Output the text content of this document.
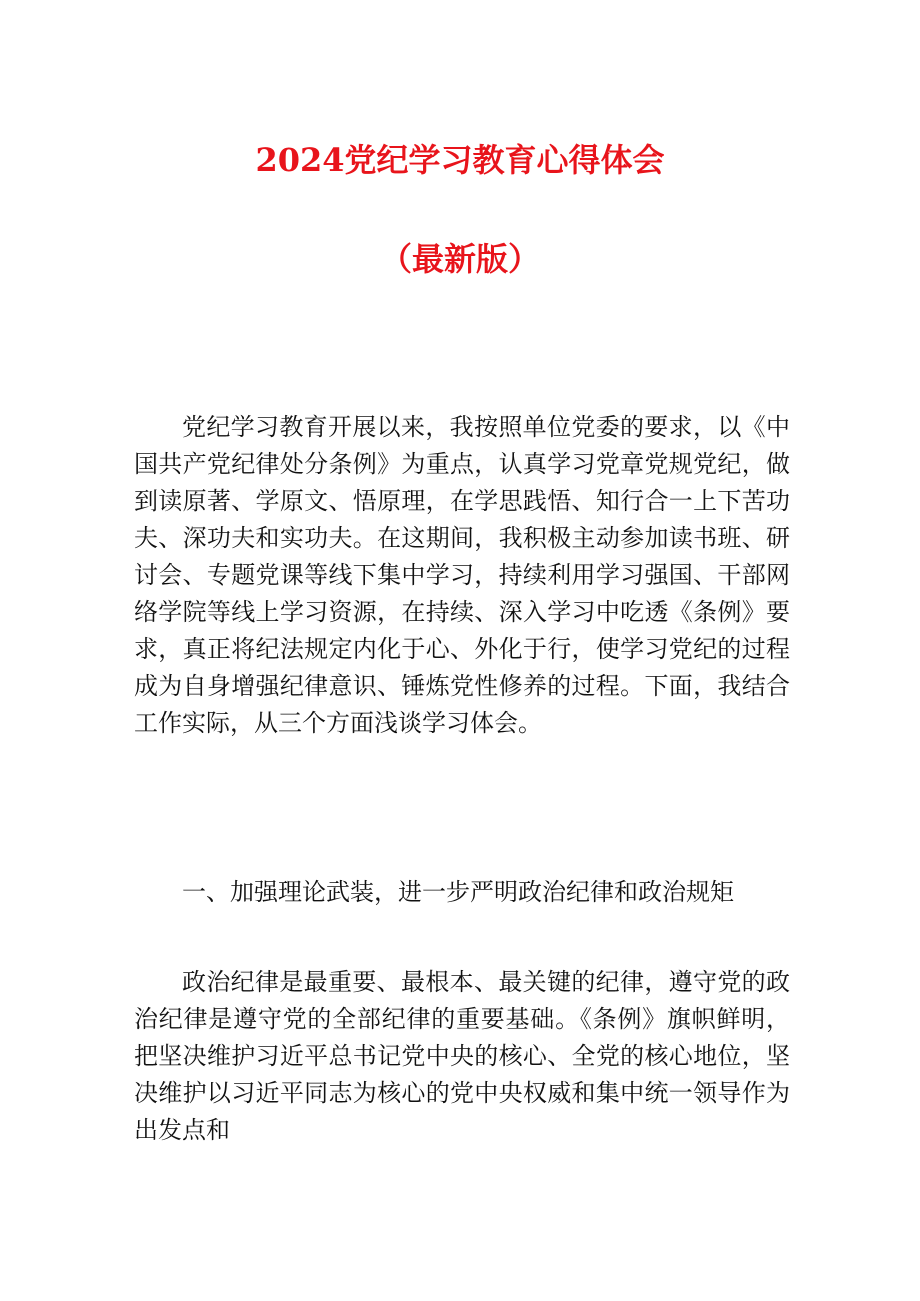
2024党纪学习教育心得体会
（最新版）

党纪学习教育开展以来，我按照单位党委的要求，以《中国共产党纪律处分条例》为重点，认真学习党章党规党纪，做到读原著、学原文、悟原理，在学思践悟、知行合一上下苦功夫、深功夫和实功夫。在这期间，我积极主动参加读书班、研讨会、专题党课等线下集中学习，持续利用学习强国、干部网络学院等线上学习资源，在持续、深入学习中吃透《条例》要求，真正将纪法规定内化于心、外化于行，使学习党纪的过程成为自身增强纪律意识、锤炼党性修养的过程。下面，我结合工作实际，从三个方面浅谈学习体会。

一、加强理论武装，进一步严明政治纪律和政治规矩

政治纪律是最重要、最根本、最关键的纪律，遵守党的政治纪律是遵守党的全部纪律的重要基础。《条例》旗帜鲜明，把坚决维护习近平总书记党中央的核心、全党的核心地位，坚决维护以习近平同志为核心的党中央权威和集中统一领导作为出发点和
